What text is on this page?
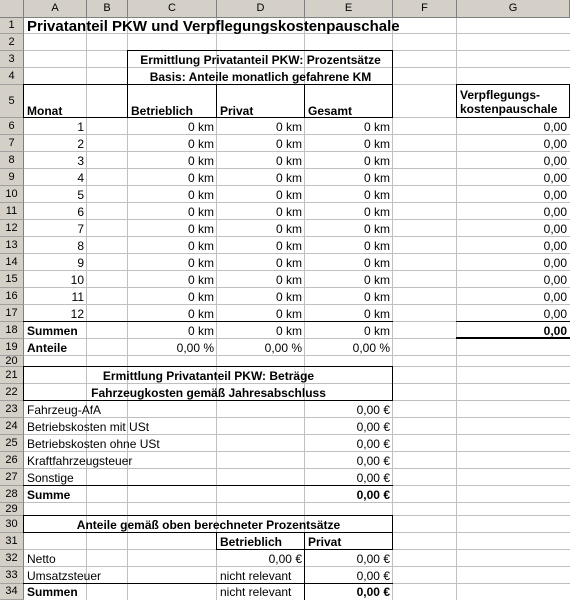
A	B	C	D	E	F	G
1
2
3
4
5
6
7
8
9
10
11
12
13
14
15
16
17
18
19
20
21
22
23
24
25
26
27
28
29
30
31
32
33
34
Privatanteil PKW und Verpflegungskostenpauschale
Ermittlung Privatanteil PKW: Prozentsätze
Basis: Anteile monatlich gefahrene KM
Monat	Betrieblich	Privat	Gesamt
Verpflegungs-
kostenpauschale
1	0 km	0 km	0 km	0,00
2	0 km	0 km	0 km	0,00
3	0 km	0 km	0 km	0,00
4	0 km	0 km	0 km	0,00
5	0 km	0 km	0 km	0,00
6	0 km	0 km	0 km	0,00
7	0 km	0 km	0 km	0,00
8	0 km	0 km	0 km	0,00
9	0 km	0 km	0 km	0,00
10	0 km	0 km	0 km	0,00
11	0 km	0 km	0 km	0,00
12	0 km	0 km	0 km	0,00
Summen	0 km	0 km	0 km	0,00
Anteile	0,00 %	0,00 %	0,00 %
Ermittlung Privatanteil PKW: Beträge
Fahrzeugkosten gemäß Jahresabschluss
Fahrzeug-AfA	0,00 €
Betriebskosten mit USt	0,00 €
Betriebskosten ohne USt	0,00 €
Kraftfahrzeugsteuer	0,00 €
Sonstige	0,00 €
Summe	0,00 €
Anteile gemäß oben berechneter Prozentsätze
Betrieblich	Privat
Netto	0,00 €	0,00 €
Umsatzsteuer	nicht relevant	0,00 €
Summen	nicht relevant	0,00 €
